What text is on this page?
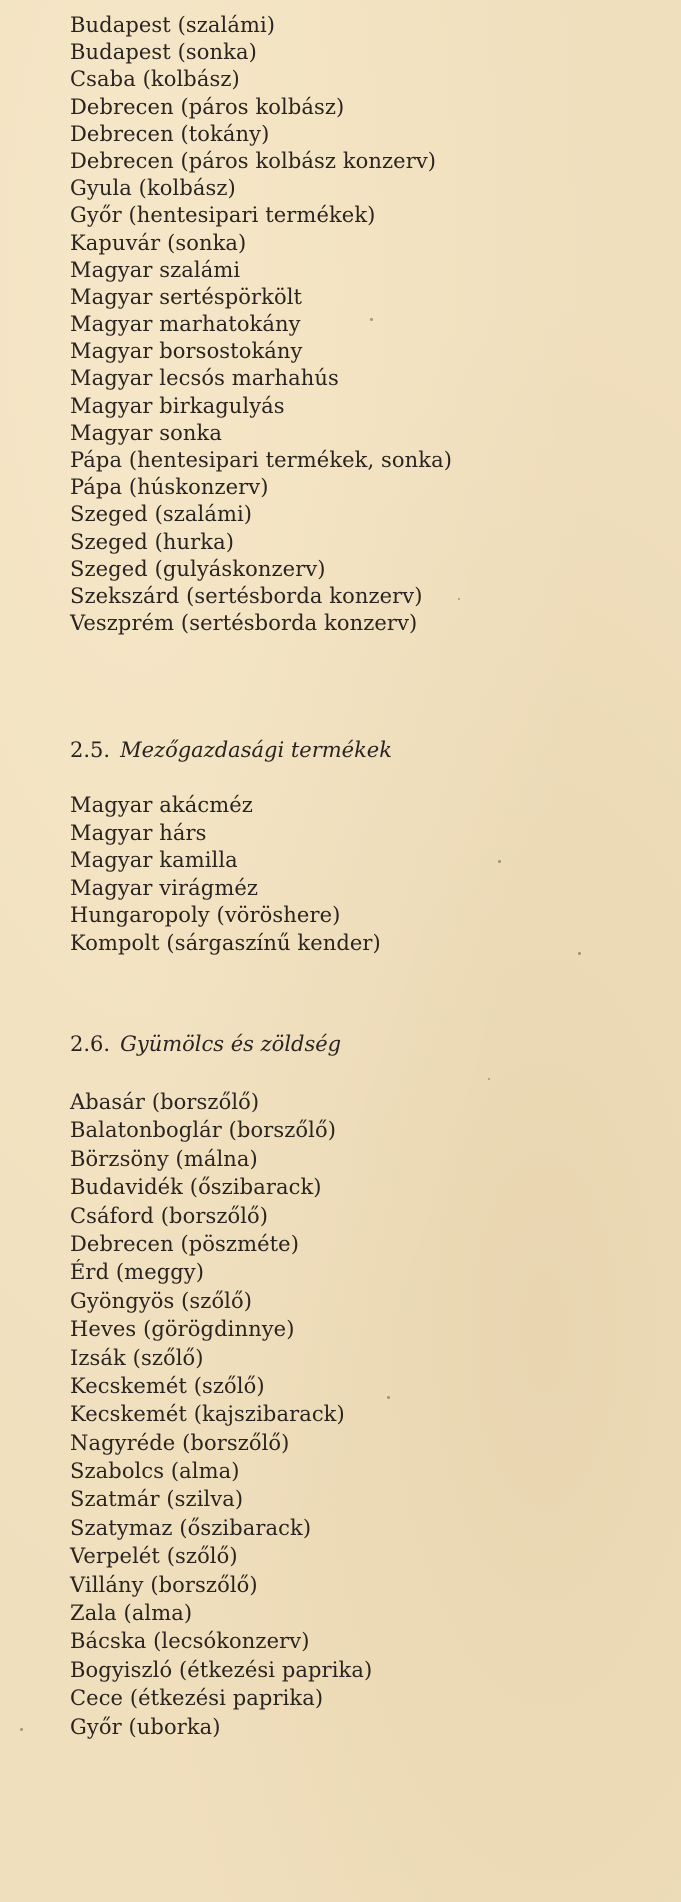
Budapest (szalámi)
Budapest (sonka)
Csaba (kolbász)
Debrecen (páros kolbász)
Debrecen (tokány)
Debrecen (páros kolbász konzerv)
Gyula (kolbász)
Győr (hentesipari termékek)
Kapuvár (sonka)
Magyar szalámi
Magyar sertéspörkölt
Magyar marhatokány
Magyar borsostokány
Magyar lecsós marhahús
Magyar birkagulyás
Magyar sonka
Pápa (hentesipari termékek, sonka)
Pápa (húskonzerv)
Szeged (szalámi)
Szeged (hurka)
Szeged (gulyáskonzerv)
Szekszárd (sertésborda konzerv)
Veszprém (sertésborda konzerv)
2.5. Mezőgazdasági termékek
Magyar akácméz
Magyar hárs
Magyar kamilla
Magyar virágméz
Hungaropoly (vöröshere)
Kompolt (sárgaszínű kender)
2.6. Gyümölcs és zöldség
Abasár (borszőlő)
Balatonboglár (borszőlő)
Börzsöny (málna)
Budavidék (őszibarack)
Csáford (borszőlő)
Debrecen (pöszméte)
Érd (meggy)
Gyöngyös (szőlő)
Heves (görögdinnye)
Izsák (szőlő)
Kecskemét (szőlő)
Kecskemét (kajszibarack)
Nagyréde (borszőlő)
Szabolcs (alma)
Szatmár (szilva)
Szatymaz (őszibarack)
Verpelét (szőlő)
Villány (borszőlő)
Zala (alma)
Bácska (lecsókonzerv)
Bogyiszló (étkezési paprika)
Cece (étkezési paprika)
Győr (uborka)
